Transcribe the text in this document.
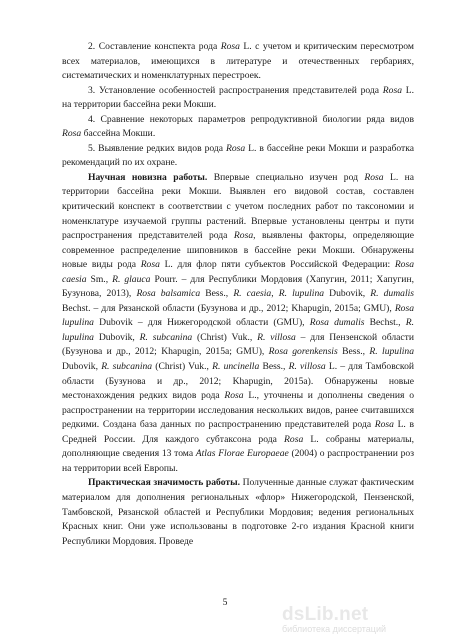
2. Составление конспекта рода Rosa L. с учетом и критическим пересмотром всех материалов, имеющихся в литературе и отечественных гербариях, систематических и номенклатурных перестроек.

3. Установление особенностей распространения представителей рода Rosa L. на территории бассейна реки Мокши.

4. Сравнение некоторых параметров репродуктивной биологии ряда видов Rosa бассейна Мокши.

5. Выявление редких видов рода Rosa L. в бассейне реки Мокши и разработка рекомендаций по их охране.

Научная новизна работы. Впервые специально изучен род Rosa L. на территории бассейна реки Мокши. Выявлен его видовой состав, составлен критический конспект в соответствии с учетом последних работ по таксономии и номенклатуре изучаемой группы растений. Впервые установлены центры и пути распространения представителей рода Rosa, выявлены факторы, определяющие современное распределение шиповников в бассейне реки Мокши. Обнаружены новые виды рода Rosa L. для флор пяти субъектов Российской Федерации: Rosa caesia Sm., R. glauca Pourr. – для Республики Мордовия (Хапугин, 2011; Хапугин, Бузунова, 2013), Rosa balsamica Bess., R. caesia, R. lupulina Dubovik, R. dumalis Bechst. – для Рязанской области (Бузунова и др., 2012; Khapugin, 2015a; GMU), Rosa lupulina Dubovik – для Нижегородской области (GMU), Rosa dumalis Bechst., R. lupulina Dubovik, R. subcanina (Christ) Vuk., R. villosa – для Пензенской области (Бузунова и др., 2012; Khapugin, 2015a; GMU), Rosa gorenkensis Bess., R. lupulina Dubovik, R. subcanina (Christ) Vuk., R. uncinella Bess., R. villosa L. – для Тамбовской области (Бузунова и др., 2012; Khapugin, 2015a). Обнаружены новые местонахождения редких видов рода Rosa L., уточнены и дополнены сведения о распространении на территории исследования нескольких видов, ранее считавшихся редкими. Создана база данных по распространению представителей рода Rosa L. в Средней России. Для каждого субтаксона рода Rosa L. собраны материалы, дополняющие сведения 13 тома Atlas Florae Europaeae (2004) о распространении роз на территории всей Европы.

Практическая значимость работы. Полученные данные служат фактическим материалом для дополнения региональных «флор» Нижегородской, Пензенской, Тамбовской, Рязанской областей и Республики Мордовия; ведения региональных Красных книг. Они уже использованы в подготовке 2-го издания Красной книги Республики Мордовия. Проведе

5
dsLib.net
библиотека диссертаций
